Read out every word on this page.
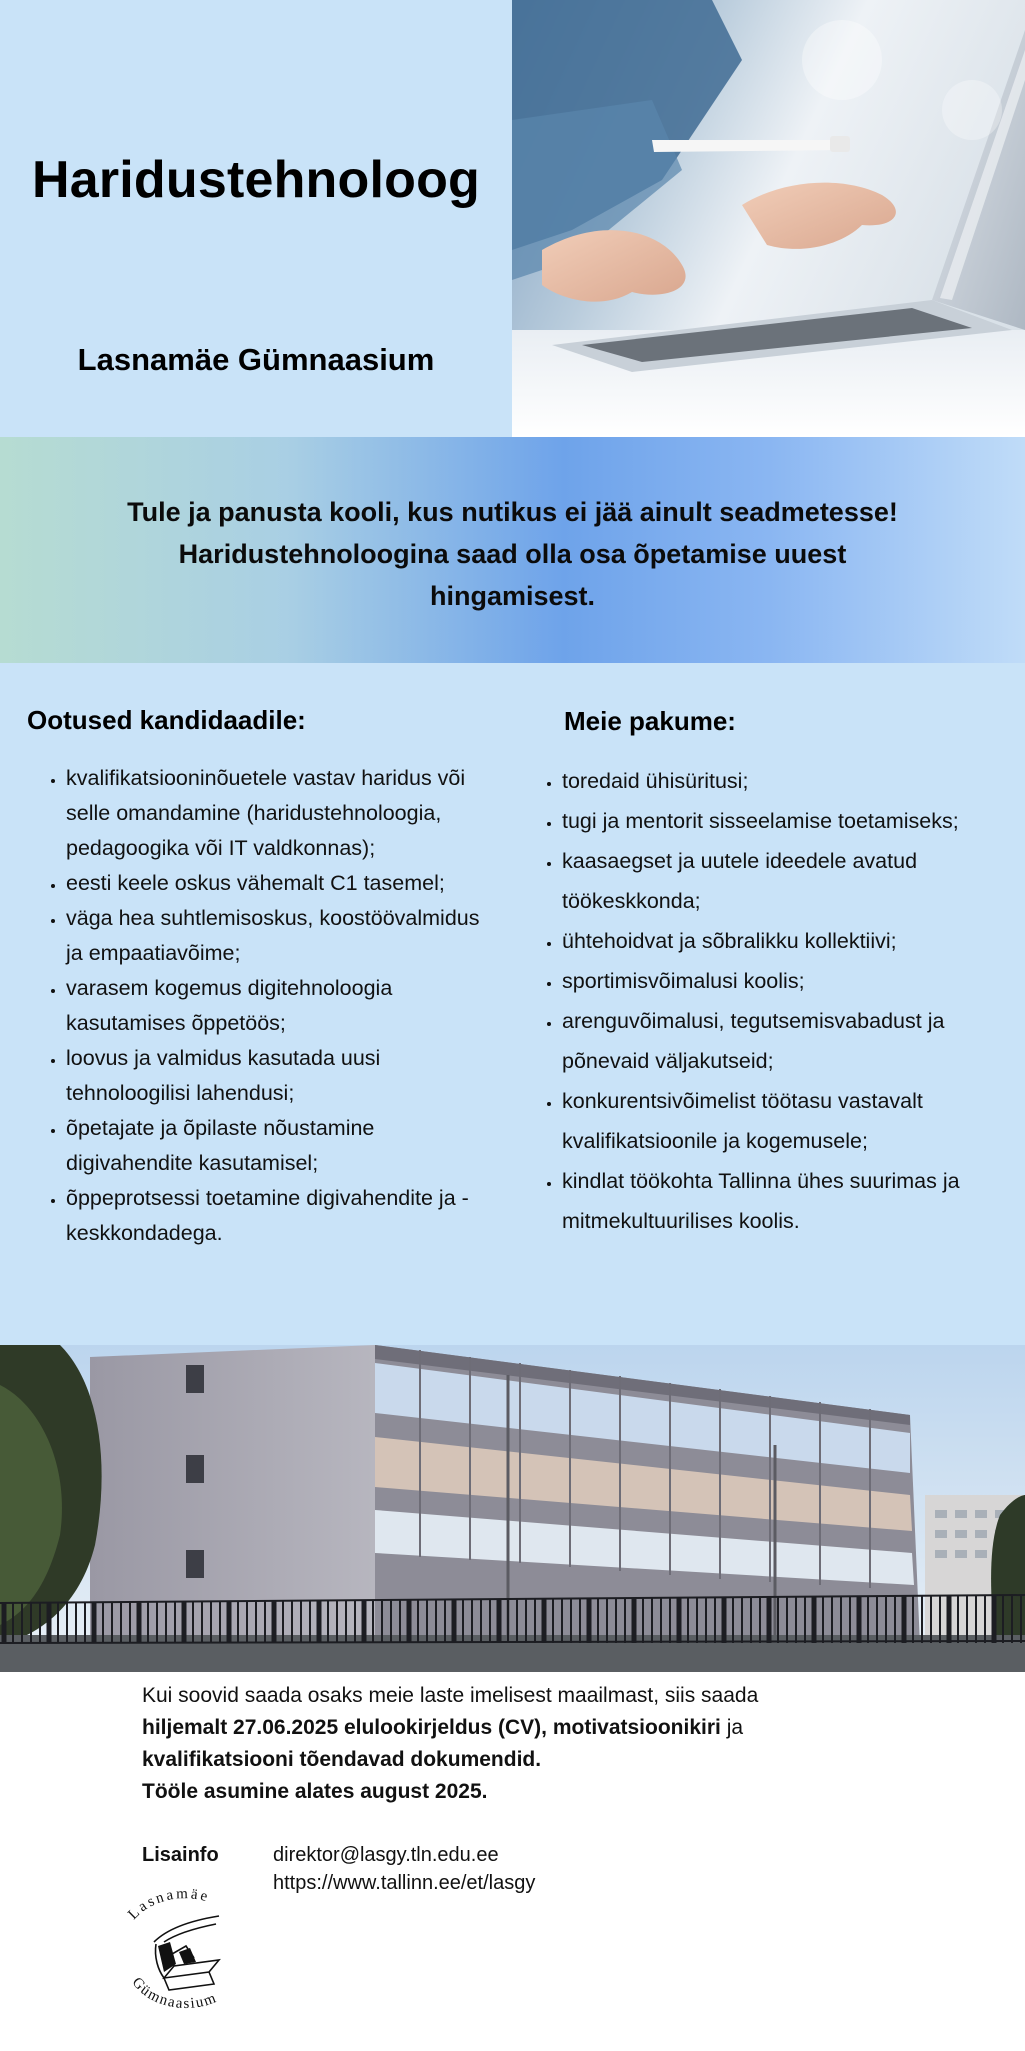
Haridustehnoloog
Lasnamäe Gümnaasium
Tule ja panusta kooli, kus nutikus ei jää ainult seadmetesse!
Haridustehnoloogina saad olla osa õpetamise uuest
hingamisest.
Ootused kandidaadile:
• kvalifikatsiooninõuetele vastav haridus või selle omandamine (haridustehnoloogia, pedagoogika või IT valdkonnas);
• eesti keele oskus vähemalt C1 tasemel;
• väga hea suhtlemisoskus, koostöövalmidus ja empaatiavõime;
• varasem kogemus digitehnoloogia kasutamises õppetöös;
• loovus ja valmidus kasutada uusi tehnoloogilisi lahendusi;
• õpetajate ja õpilaste nõustamine digivahendite kasutamisel;
• õppeprotsessi toetamine digivahendite ja -keskkondadega.
Meie pakume:
• toredaid ühisüritusi;
• tugi ja mentorit sisseelamise toetamiseks;
• kaasaegset ja uutele ideedele avatud töökeskkonda;
• ühtehoidvat ja sõbralikku kollektiivi;
• sportimisvõimalusi koolis;
• arenguvõimalusi, tegutsemisvabadust ja põnevaid väljakutseid;
• konkurentsivõimelist töötasu vastavalt kvalifikatsioonile ja kogemusele;
• kindlat töökohta Tallinna ühes suurimas ja mitmekultuurilises koolis.

Kui soovid saada osaks meie laste imelisest maailmast, siis saada
hiljemalt 27.06.2025 elulookirjeldus (CV), motivatsioonikiri ja
kvalifikatsiooni tõendavad dokumendid.

Tööle asumine alates august 2025.

Lisainfo	direktor@lasgy.tln.edu.ee
https://www.tallinn.ee/et/lasgy
Lasnamäe
Gümnaasium
